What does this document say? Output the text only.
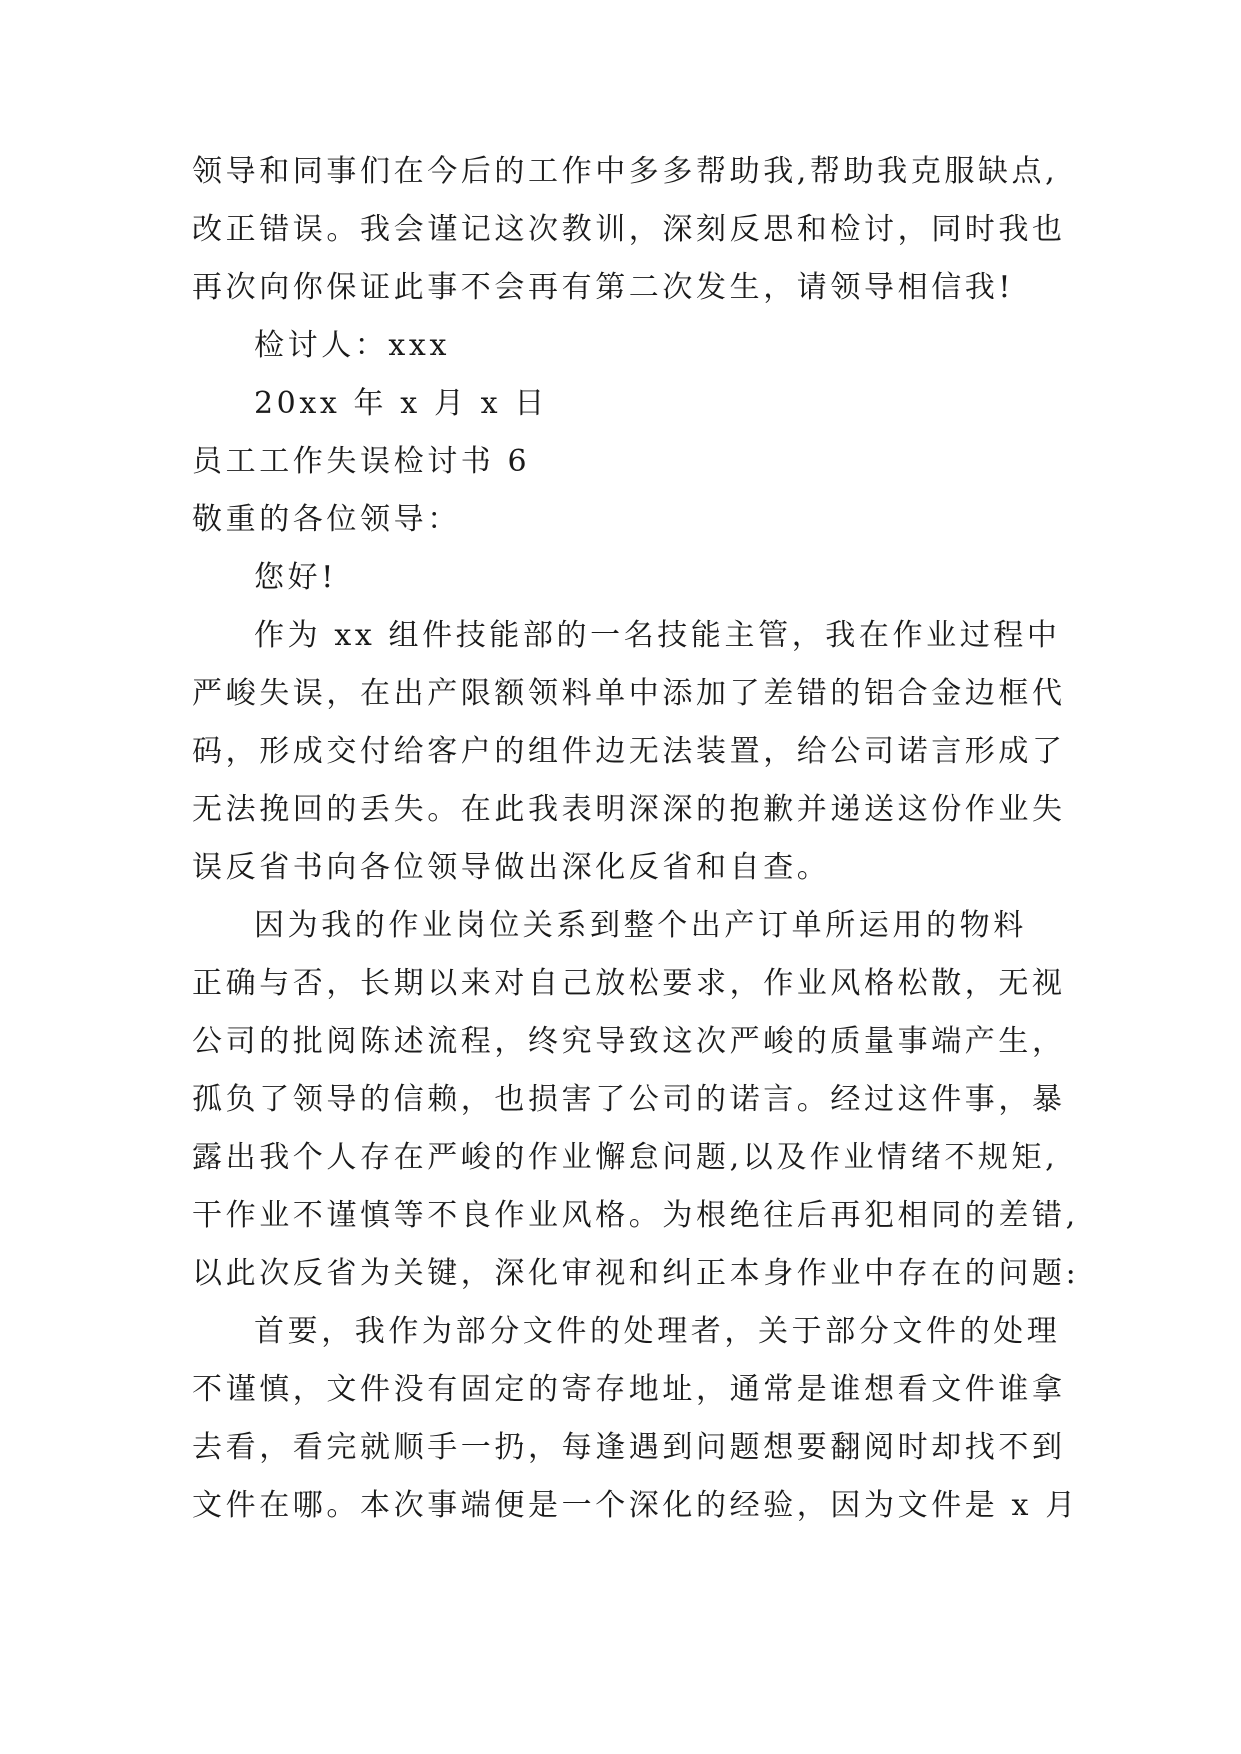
领导和同事们在今后的工作中多多帮助我,帮助我克服缺点,
改正错误。我会谨记这次教训，深刻反思和检讨，同时我也
再次向你保证此事不会再有第二次发生，请领导相信我!
检讨人：xxx
20xx 年 x 月 x 日
员工工作失误检讨书 6
敬重的各位领导：
您好!
作为 xx 组件技能部的一名技能主管，我在作业过程中
严峻失误，在出产限额领料单中添加了差错的铝合金边框代
码，形成交付给客户的组件边无法装置，给公司诺言形成了
无法挽回的丢失。在此我表明深深的抱歉并递送这份作业失
误反省书向各位领导做出深化反省和自查。
因为我的作业岗位关系到整个出产订单所运用的物料
正确与否，长期以来对自己放松要求，作业风格松散，无视
公司的批阅陈述流程，终究导致这次严峻的质量事端产生，
孤负了领导的信赖，也损害了公司的诺言。经过这件事，暴
露出我个人存在严峻的作业懈怠问题,以及作业情绪不规矩,
干作业不谨慎等不良作业风格。为根绝往后再犯相同的差错,
以此次反省为关键，深化审视和纠正本身作业中存在的问题:
首要，我作为部分文件的处理者，关于部分文件的处理
不谨慎，文件没有固定的寄存地址，通常是谁想看文件谁拿
去看，看完就顺手一扔，每逢遇到问题想要翻阅时却找不到
文件在哪。本次事端便是一个深化的经验，因为文件是 x 月
